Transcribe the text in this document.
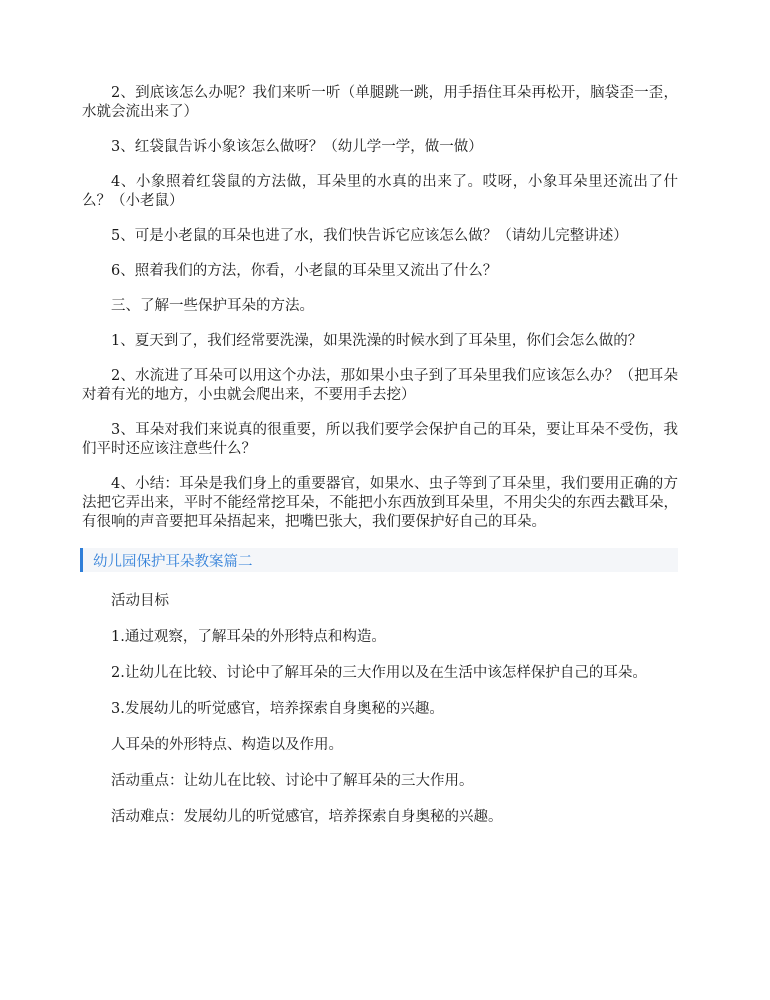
2、到底该怎么办呢？我们来听一听（单腿跳一跳，用手捂住耳朵再松开，脑袋歪一歪，水就会流出来了）

3、红袋鼠告诉小象该怎么做呀？（幼儿学一学，做一做）

4、小象照着红袋鼠的方法做，耳朵里的水真的出来了。哎呀，小象耳朵里还流出了什么？（小老鼠）

5、可是小老鼠的耳朵也进了水，我们快告诉它应该怎么做？（请幼儿完整讲述）

6、照着我们的方法，你看，小老鼠的耳朵里又流出了什么？

三、了解一些保护耳朵的方法。

1、夏天到了，我们经常要洗澡，如果洗澡的时候水到了耳朵里，你们会怎么做的？

2、水流进了耳朵可以用这个办法，那如果小虫子到了耳朵里我们应该怎么办？（把耳朵对着有光的地方，小虫就会爬出来，不要用手去挖）

3、耳朵对我们来说真的很重要，所以我们要学会保护自己的耳朵，要让耳朵不受伤，我们平时还应该注意些什么？

4、小结：耳朵是我们身上的重要器官，如果水、虫子等到了耳朵里，我们要用正确的方法把它弄出来，平时不能经常挖耳朵，不能把小东西放到耳朵里，不用尖尖的东西去戳耳朵，有很响的声音要把耳朵捂起来，把嘴巴张大，我们要保护好自己的耳朵。

幼儿园保护耳朵教案篇二

活动目标

1.通过观察，了解耳朵的外形特点和构造。

2.让幼儿在比较、讨论中了解耳朵的三大作用以及在生活中该怎样保护自己的耳朵。

3.发展幼儿的听觉感官，培养探索自身奥秘的兴趣。

人耳朵的外形特点、构造以及作用。

活动重点：让幼儿在比较、讨论中了解耳朵的三大作用。

活动难点：发展幼儿的听觉感官，培养探索自身奥秘的兴趣。
